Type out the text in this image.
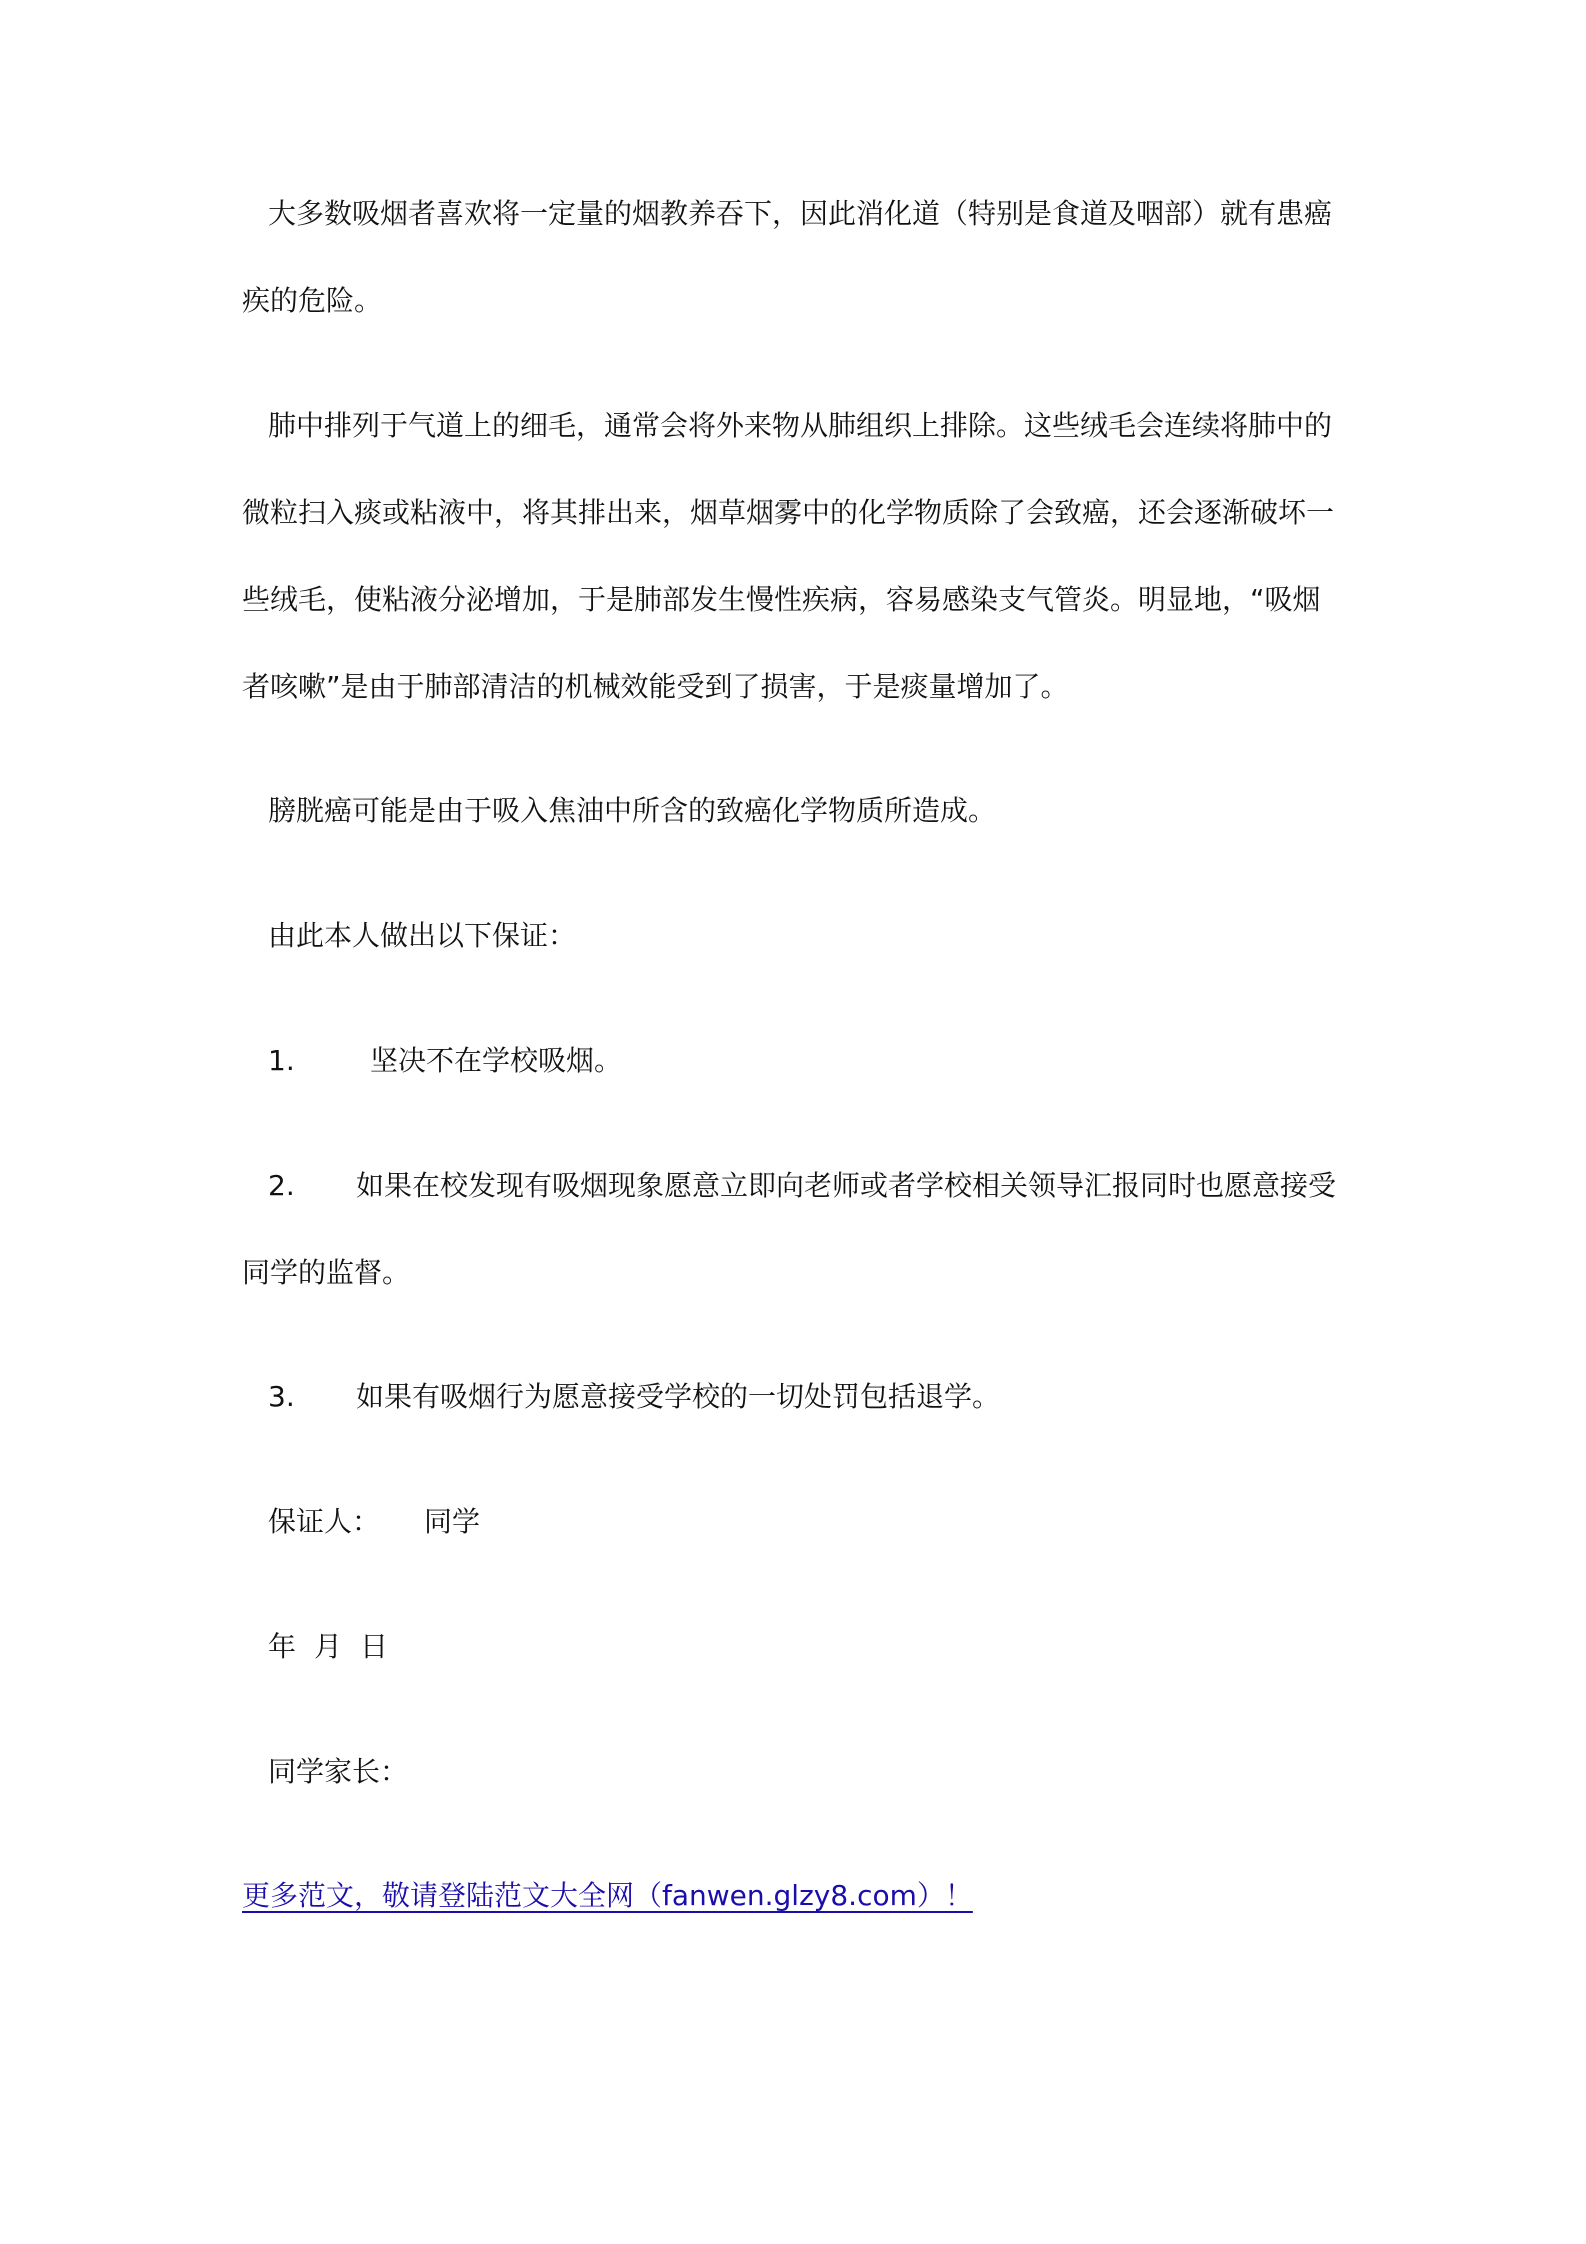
大多数吸烟者喜欢将一定量的烟教养吞下，因此消化道（特别是食道及咽部）就有患癌
疾的危险。
肺中排列于气道上的细毛，通常会将外来物从肺组织上排除。这些绒毛会连续将肺中的
微粒扫入痰或粘液中，将其排出来，烟草烟雾中的化学物质除了会致癌，还会逐渐破坏一
些绒毛，使粘液分泌增加，于是肺部发生慢性疾病，容易感染支气管炎。明显地，“吸烟
者咳嗽”是由于肺部清洁的机械效能受到了损害，于是痰量增加了。
膀胱癌可能是由于吸入焦油中所含的致癌化学物质所造成。
由此本人做出以下保证：
1.	坚决不在学校吸烟。
2. 如果在校发现有吸烟现象愿意立即向老师或者学校相关领导汇报同时也愿意接受
同学的监督。
3. 如果有吸烟行为愿意接受学校的一切处罚包括退学。
保证人： 同学
年 月 日
同学家长：
更多范文，敬请登陆范文大全网（fanwen.glzy8.com）！
